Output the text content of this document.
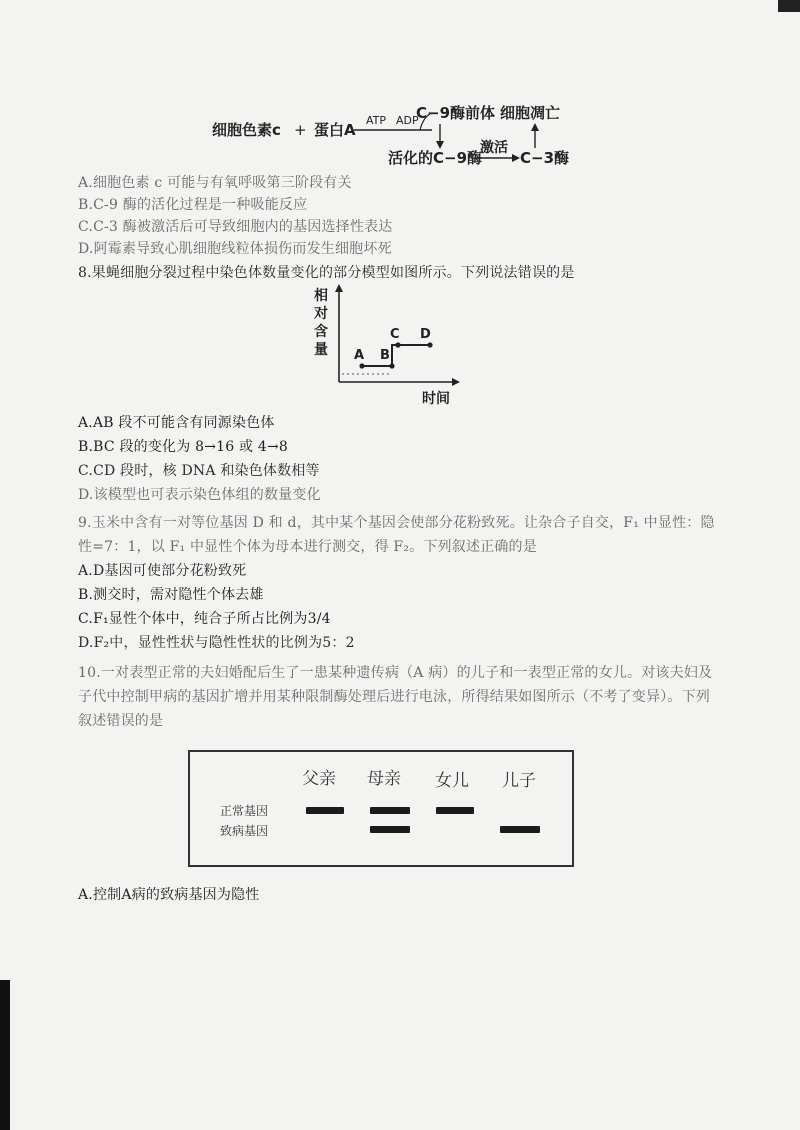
细胞色素c + 蛋白A
ATP ADP
C−9酶前体
活化的C−9酶
激活
C−3酶
细胞凋亡
A.细胞色素 c 可能与有氧呼吸第三阶段有关
B.C-9 酶的活化过程是一种吸能反应
C.C-3 酶被激活后可导致细胞内的基因选择性表达
D.阿霉素导致心肌细胞线粒体损伤而发生细胞坏死
8.果蝇细胞分裂过程中染色体数量变化的部分模型如图所示。下列说法错误的是
相 对 含 量	A B
C D
时间
A.AB 段不可能含有同源染色体
B.BC 段的变化为 8→16 或 4→8
C.CD 段时，核 DNA 和染色体数相等
D.该模型也可表示染色体组的数量变化
9.玉米中含有一对等位基因 D 和 d，其中某个基因会使部分花粉致死。让杂合子自交，F₁ 中显性：隐
性=7：1，以 F₁ 中显性个体为母本进行测交，得 F₂。下列叙述正确的是
A.D基因可使部分花粉致死
B.测交时，需对隐性个体去雄
C.F₁显性个体中，纯合子所占比例为3/4
D.F₂中，显性性状与隐性性状的比例为5：2
10.一对表型正常的夫妇婚配后生了一患某种遗传病（A 病）的儿子和一表型正常的女儿。对该夫妇及
子代中控制甲病的基因扩增并用某种限制酶处理后进行电泳，所得结果如图所示（不考了变异）。下列
叙述错误的是
父亲 母亲 女儿 儿子
正常基因
致病基因
A.控制A病的致病基因为隐性
